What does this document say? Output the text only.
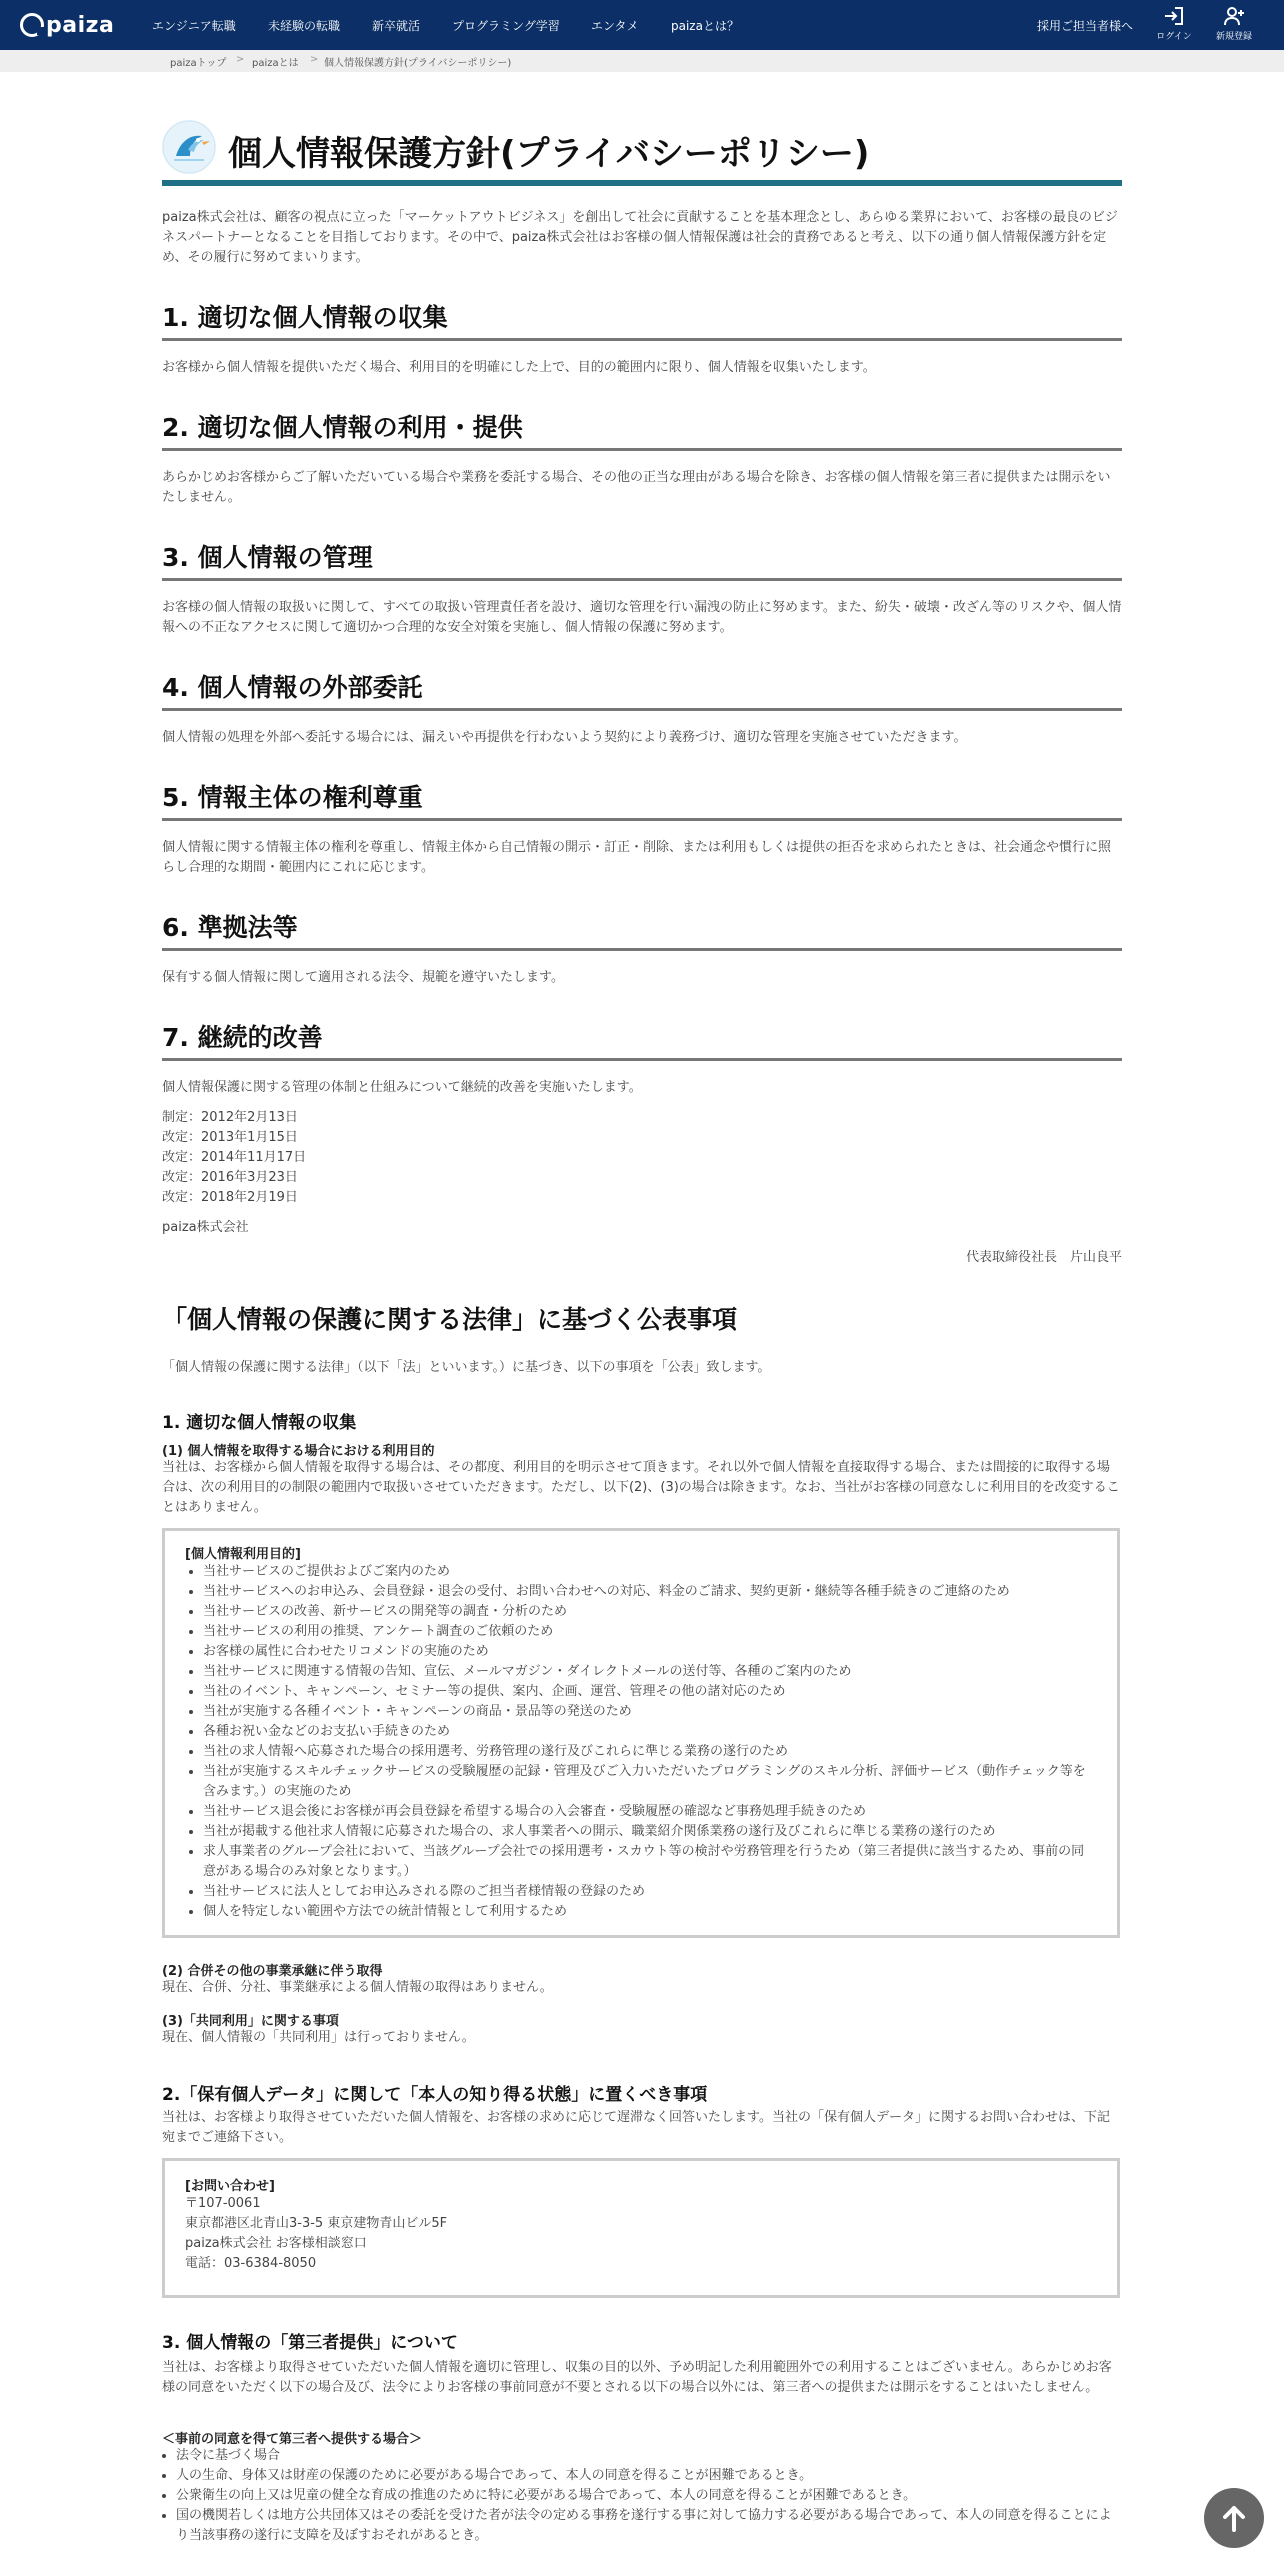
paiza	エンジニア転職	未経験の転職	新卒就活	プログラミング学習	エンタメ	paizaとは？	採用ご担当者様へ
ログイン	新規登録
paizaトップ > paizaとは > 個人情報保護方針(プライバシーポリシー)
個人情報保護方針(プライバシーポリシー)
paiza株式会社は、顧客の視点に立った「マーケットアウトビジネス」を創出して社会に貢献することを基本理念とし、あらゆる業界において、お客様の最良のビジネスパートナーとなることを目指しております。その中で、paiza株式会社はお客様の個人情報保護は社会的責務であると考え、以下の通り個人情報保護方針を定め、その履行に努めてまいります。
1. 適切な個人情報の収集
お客様から個人情報を提供いただく場合、利用目的を明確にした上で、目的の範囲内に限り、個人情報を収集いたします。
2. 適切な個人情報の利用・提供
あらかじめお客様からご了解いただいている場合や業務を委託する場合、その他の正当な理由がある場合を除き、お客様の個人情報を第三者に提供または開示をいたしません。
3. 個人情報の管理
お客様の個人情報の取扱いに関して、すべての取扱い管理責任者を設け、適切な管理を行い漏洩の防止に努めます。また、紛失・破壊・改ざん等のリスクや、個人情報への不正なアクセスに関して適切かつ合理的な安全対策を実施し、個人情報の保護に努めます。
4. 個人情報の外部委託
個人情報の処理を外部へ委託する場合には、漏えいや再提供を行わないよう契約により義務づけ、適切な管理を実施させていただきます。
5. 情報主体の権利尊重
個人情報に関する情報主体の権利を尊重し、情報主体から自己情報の開示・訂正・削除、または利用もしくは提供の拒否を求められたときは、社会通念や慣行に照らし合理的な期間・範囲内にこれに応じます。
6. 準拠法等
保有する個人情報に関して適用される法令、規範を遵守いたします。
7. 継続的改善
個人情報保護に関する管理の体制と仕組みについて継続的改善を実施いたします。
制定：2012年2月13日
改定：2013年1月15日
改定：2014年11月17日
改定：2016年3月23日
改定：2018年2月19日
paiza株式会社
代表取締役社長　片山良平
「個人情報の保護に関する法律」に基づく公表事項
「個人情報の保護に関する法律」（以下「法」といいます。）に基づき、以下の事項を「公表」致します。
1. 適切な個人情報の収集
(1) 個人情報を取得する場合における利用目的
当社は、お客様から個人情報を取得する場合は、その都度、利用目的を明示させて頂きます。それ以外で個人情報を直接取得する場合、または間接的に取得する場合は、次の利用目的の制限の範囲内で取扱いさせていただきます。ただし、以下(2)、(3)の場合は除きます。なお、当社がお客様の同意なしに利用目的を改変することはありません。
[個人情報利用目的]
• 当社サービスのご提供およびご案内のため
• 当社サービスへのお申込み、会員登録・退会の受付、お問い合わせへの対応、料金のご請求、契約更新・継続等各種手続きのご連絡のため
• 当社サービスの改善、新サービスの開発等の調査・分析のため
• 当社サービスの利用の推奨、アンケート調査のご依頼のため
• お客様の属性に合わせたリコメンドの実施のため
• 当社サービスに関連する情報の告知、宣伝、メールマガジン・ダイレクトメールの送付等、各種のご案内のため
• 当社のイベント、キャンペーン、セミナー等の提供、案内、企画、運営、管理その他の諸対応のため
• 当社が実施する各種イベント・キャンペーンの商品・景品等の発送のため
• 各種お祝い金などのお支払い手続きのため
• 当社の求人情報へ応募された場合の採用選考、労務管理の遂行及びこれらに準じる業務の遂行のため
• 当社が実施するスキルチェックサービスの受験履歴の記録・管理及びご入力いただいたプログラミングのスキル分析、評価サービス（動作チェック等を含みます。）の実施のため
• 当社サービス退会後にお客様が再会員登録を希望する場合の入会審査・受験履歴の確認など事務処理手続きのため
• 当社が掲載する他社求人情報に応募された場合の、求人事業者への開示、職業紹介関係業務の遂行及びこれらに準じる業務の遂行のため
• 求人事業者のグループ会社において、当該グループ会社での採用選考・スカウト等の検討や労務管理を行うため（第三者提供に該当するため、事前の同意がある場合のみ対象となります。）
• 当社サービスに法人としてお申込みされる際のご担当者様情報の登録のため
• 個人を特定しない範囲や方法での統計情報として利用するため
(2) 合併その他の事業承継に伴う取得
現在、合併、分社、事業継承による個人情報の取得はありません。
(3)「共同利用」に関する事項
現在、個人情報の「共同利用」は行っておりません。
2.「保有個人データ」に関して「本人の知り得る状態」に置くべき事項
当社は、お客様より取得させていただいた個人情報を、お客様の求めに応じて遅滞なく回答いたします。当社の「保有個人データ」に関するお問い合わせは、下記宛までご連絡下さい。
[お問い合わせ]
〒107-0061
東京都港区北青山3-3-5 東京建物青山ビル5F
paiza株式会社 お客様相談窓口
電話：03-6384-8050
3. 個人情報の「第三者提供」について
当社は、お客様より取得させていただいた個人情報を適切に管理し、収集の目的以外、予め明記した利用範囲外での利用することはございません。あらかじめお客様の同意をいただく以下の場合及び、法令によりお客様の事前同意が不要とされる以下の場合以外には、第三者への提供または開示をすることはいたしません。
＜事前の同意を得て第三者へ提供する場合＞
• 法令に基づく場合
• 人の生命、身体又は財産の保護のために必要がある場合であって、本人の同意を得ることが困難であるとき。
• 公衆衛生の向上又は児童の健全な育成の推進のために特に必要がある場合であって、本人の同意を得ることが困難であるとき。
• 国の機関若しくは地方公共団体又はその委託を受けた者が法令の定める事務を遂行する事に対して協力する必要がある場合であって、本人の同意を得ることにより当該事務の遂行に支障を及ぼすおそれがあるとき。
